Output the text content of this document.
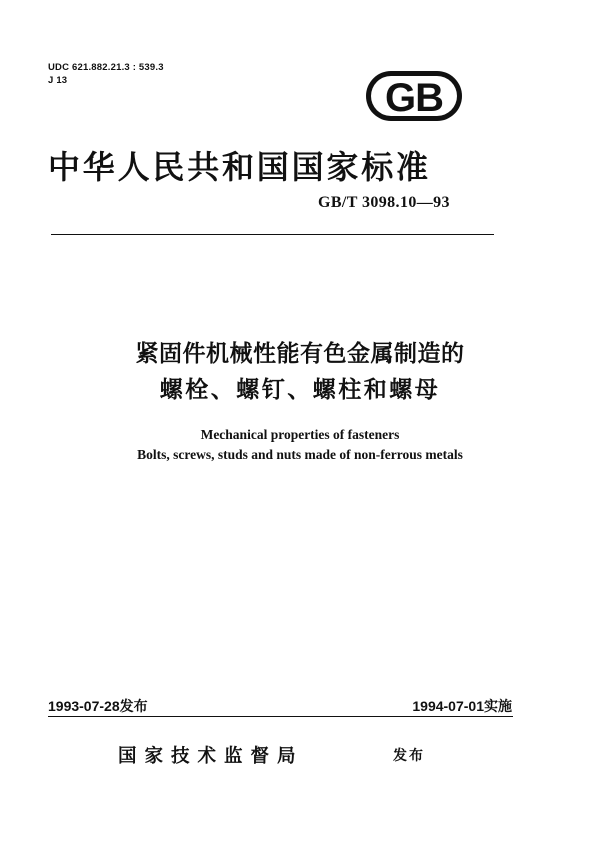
UDC 621.882.21.3 : 539.3
J 13	GB
中华人民共和国国家标准
GB/T 3098.10—93
紧固件机械性能有色金属制造的
螺栓、螺钉、螺柱和螺母
Mechanical properties of fasteners
Bolts, screws, studs and nuts made of non-ferrous metals
1993-07-28发布	1994-07-01实施
国家技术监督局	发布
